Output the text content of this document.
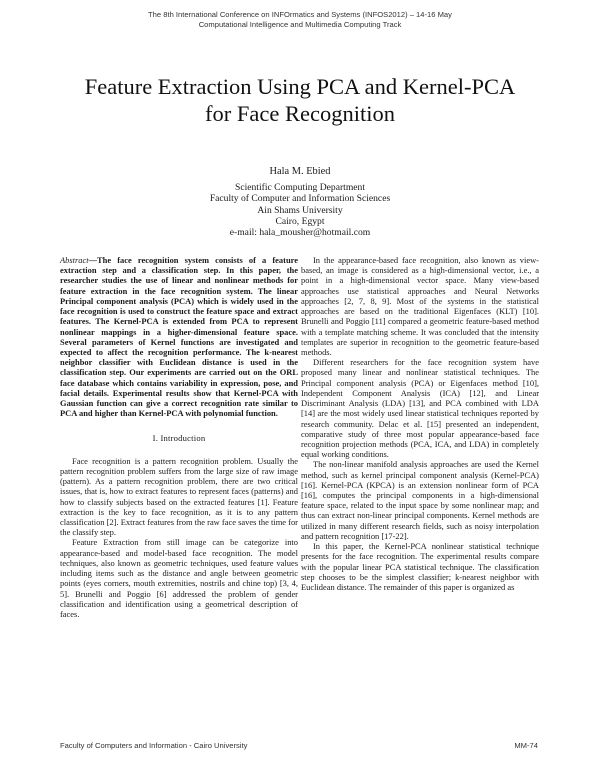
The 8th International Conference on INFOrmatics and Systems (INFOS2012) – 14-16 May
Computational Intelligence and Multimedia Computing Track
Feature Extraction Using PCA and Kernel-PCA
for Face Recognition
Hala M. Ebied
Scientific Computing Department
Faculty of Computer and Information Sciences
Ain Shams University
Cairo, Egypt
e-mail: hala_mousher@hotmail.com

Abstract—The face recognition system consists of a feature extraction step and a classification step. In this paper, the researcher studies the use of linear and nonlinear methods for feature extraction in the face recognition system. The linear Principal component analysis (PCA) which is widely used in the face recognition is used to construct the feature space and extract features. The Kernel-PCA is extended from PCA to represent nonlinear mappings in a higher-dimensional feature space. Several parameters of Kernel functions are investigated and expected to affect the recognition performance. The k-nearest neighbor classifier with Euclidean distance is used in the classification step. Our experiments are carried out on the ORL face database which contains variability in expression, pose, and facial details. Experimental results show that Kernel-PCA with Gaussian function can give a correct recognition rate similar to PCA and higher than Kernel-PCA with polynomial function.

I. Introduction

Face recognition is a pattern recognition problem. Usually the pattern recognition problem suffers from the large size of raw image (pattern). As a pattern recognition problem, there are two critical issues, that is, how to extract features to represent faces (patterns) and how to classify subjects based on the extracted features [1]. Feature extraction is the key to face recognition, as it is to any pattern classification [2]. Extract features from the raw face saves the time for the classify step.

Feature Extraction from still image can be categorize into appearance-based and model-based face recognition. The model techniques, also known as geometric techniques, used feature values including items such as the distance and angle between geometric points (eyes corners, mouth extremities, nostrils and chine top) [3, 4, 5]. Brunelli and Poggio [6] addressed the problem of gender classification and identification using a geometrical description of faces.

In the appearance-based face recognition, also known as view-based, an image is considered as a high-dimensional vector, i.e., a point in a high-dimensional vector space. Many view-based approaches use statistical approaches and Neural Networks approaches [2, 7, 8, 9]. Most of the systems in the statistical approaches are based on the traditional Eigenfaces (KLT) [10]. Brunelli and Poggio [11] compared a geometric feature-based method with a template matching scheme. It was concluded that the intensity templates are superior in recognition to the geometric feature-based methods.

Different researchers for the face recognition system have proposed many linear and nonlinear statistical techniques. The Principal component analysis (PCA) or Eigenfaces method [10], Independent Component Analysis (ICA) [12], and Linear Discriminant Analysis (LDA) [13], and PCA combined with LDA [14] are the most widely used linear statistical techniques reported by research community. Delac et al. [15] presented an independent, comparative study of three most popular appearance-based face recognition projection methods (PCA, ICA, and LDA) in completely equal working conditions.

The non-linear manifold analysis approaches are used the Kernel method, such as kernel principal component analysis (Kernel-PCA) [16]. Kernel-PCA (KPCA) is an extension nonlinear form of PCA [16], computes the principal components in a high-dimensional feature space, related to the input space by some nonlinear map; and thus can extract non-linear principal components. Kernel methods are utilized in many different research fields, such as noisy interpolation and pattern recognition [17-22].

In this paper, the Kernel-PCA nonlinear statistical technique presents for the face recognition. The experimental results compare with the popular linear PCA statistical technique. The classification step chooses to be the simplest classifier; k-nearest neighbor with Euclidean distance. The remainder of this paper is organized as

Faculty of Computers and Information - Cairo University	MM-74
